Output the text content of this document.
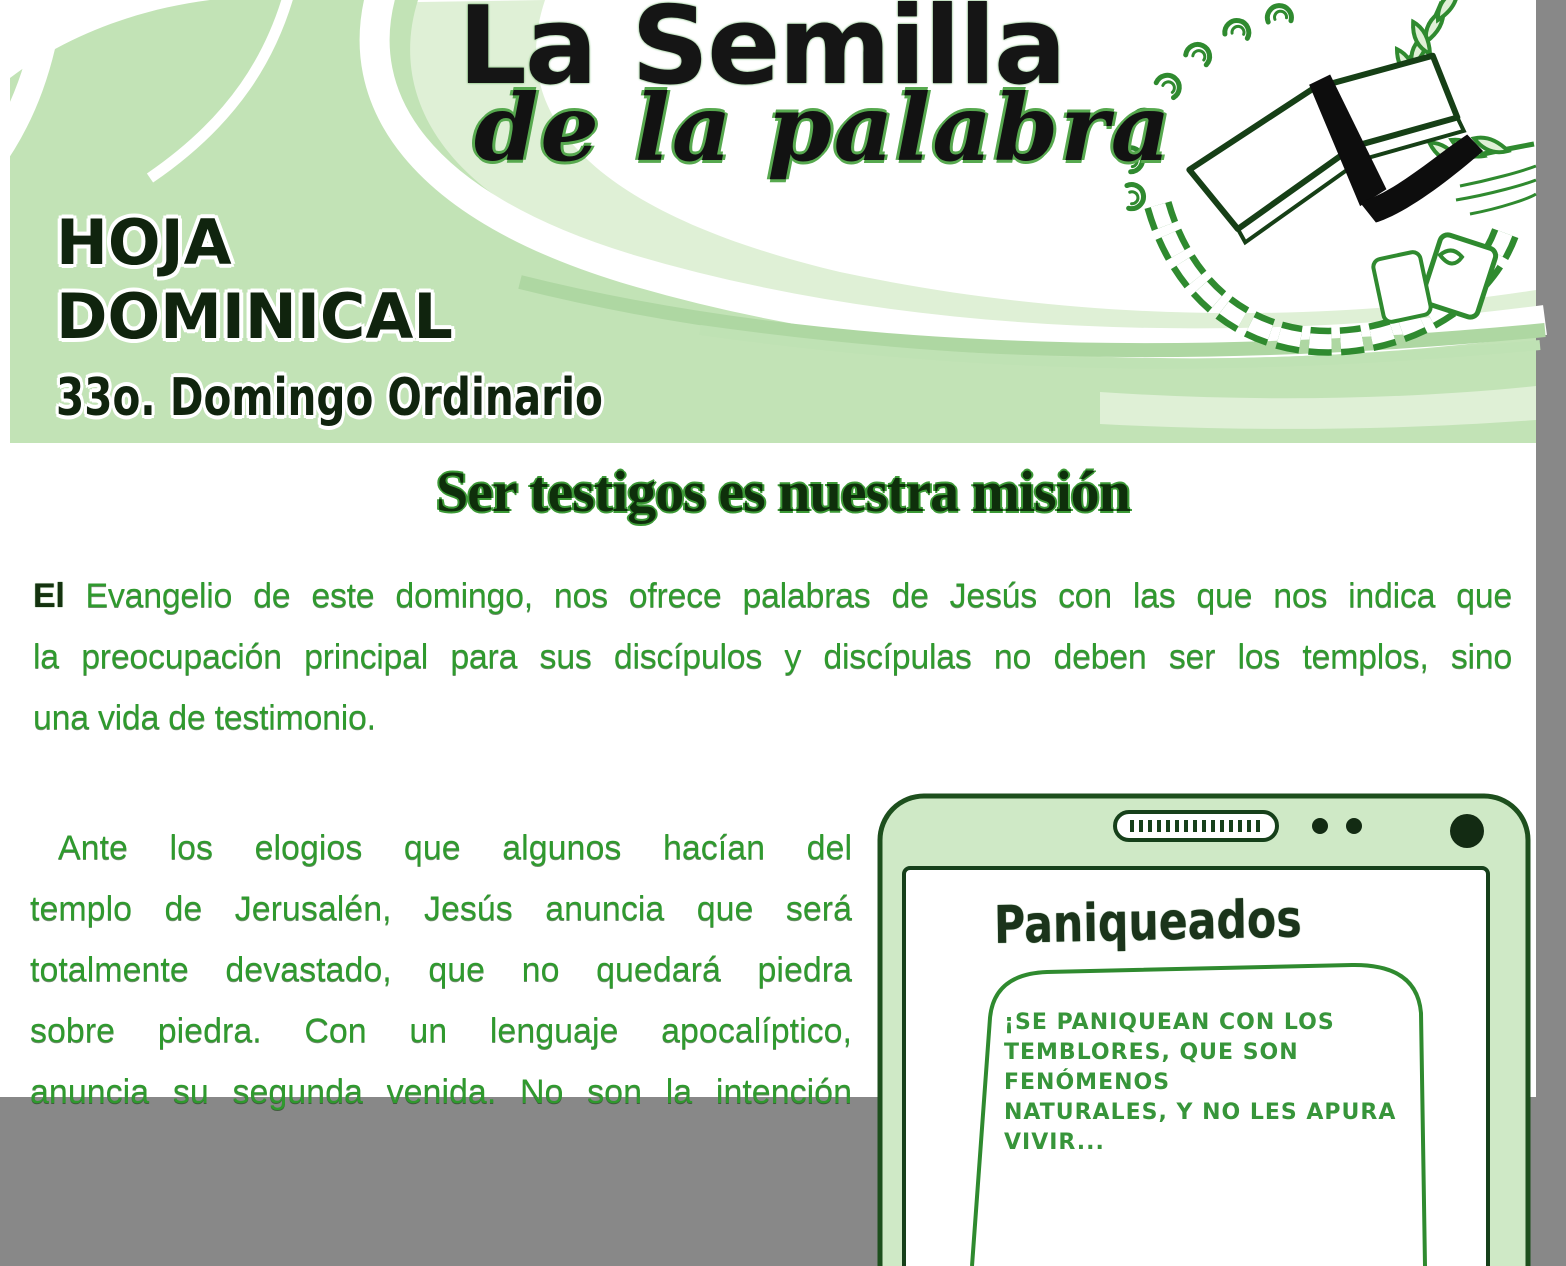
La Semilla
de la palabra
HOJA
DOMINICAL
33o. Domingo Ordinario
Ser testigos es nuestra misión
El Evangelio de este domingo, nos ofrece palabras de Jesús con las que nos indica que
la preocupación principal para sus discípulos y discípulas no deben ser los templos, sino
una vida de testimonio.
Ante los elogios que algunos hacían del
templo de Jerusalén, Jesús anuncia que será
totalmente devastado, que no quedará piedra
sobre piedra. Con un lenguaje apocalíptico,
anuncia su segunda venida. No son la intención
Paniqueados
¡SE PANIQUEAN CON LOS
TEMBLORES, QUE SON FENÓMENOS
NATURALES, Y NO LES APURA
VIVIR...
